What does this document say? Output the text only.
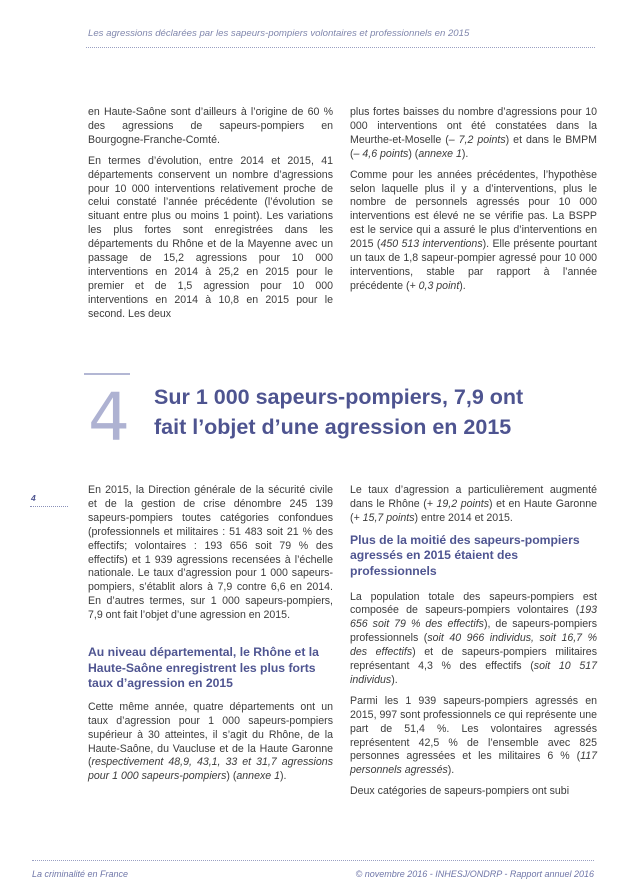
Les agressions déclarées par les sapeurs-pompiers volontaires et professionnels en 2015

en Haute-Saône sont d’ailleurs à l’origine de 60 % des agressions de sapeurs-pompiers en Bourgogne-Franche-Comté.

En termes d’évolution, entre 2014 et 2015, 41 départements conservent un nombre d’agressions pour 10 000 interventions relativement proche de celui constaté l’année précédente (l’évolution se situant entre plus ou moins 1 point). Les variations les plus fortes sont enregistrées dans les départements du Rhône et de la Mayenne avec un passage de 15,2 agressions pour 10 000 interventions en 2014 à 25,2 en 2015 pour le premier et de 1,5 agression pour 10 000 interventions en 2014 à 10,8 en 2015 pour le second. Les deux

plus fortes baisses du nombre d’agressions pour 10 000 interventions ont été constatées dans la Meurthe-et-Moselle (– 7,2 points) et dans le BMPM (– 4,6 points) (annexe 1).

Comme pour les années précédentes, l’hypothèse selon laquelle plus il y a d’interventions, plus le nombre de personnels agressés pour 10 000 interventions est élevé ne se vérifie pas. La BSPP est le service qui a assuré le plus d’interventions en 2015 (450 513 interventions). Elle présente pourtant un taux de 1,8 sapeur-pompier agressé pour 10 000 interventions, stable par rapport à l’année précédente (+ 0,3 point).

4 Sur 1 000 sapeurs-pompiers, 7,9 ont
fait l’objet d’une agression en 2015
4

En 2015, la Direction générale de la sécurité civile et de la gestion de crise dénombre 245 139 sapeurs-pompiers toutes catégories confondues (professionnels et militaires : 51 483 soit 21 % des effectifs; volontaires : 193 656 soit 79 % des effectifs) et 1 939 agressions recensées à l’échelle nationale. Le taux d’agression pour 1 000 sapeurs-pompiers, s’établit alors à 7,9 contre 6,6 en 2014. En d’autres termes, sur 1 000 sapeurs-pompiers, 7,9 ont fait l’objet d’une agression en 2015.

Au niveau départemental, le Rhône et la Haute-Saône enregistrent les plus forts taux d’agression en 2015

Cette même année, quatre départements ont un taux d’agression pour 1 000 sapeurs-pompiers supérieur à 30 atteintes, il s’agit du Rhône, de la Haute-Saône, du Vaucluse et de la Haute Garonne (respectivement 48,9, 43,1, 33 et 31,7 agressions pour 1 000 sapeurs-pompiers) (annexe 1).

Le taux d’agression a particulièrement augmenté dans le Rhône (+ 19,2 points) et en Haute Garonne (+ 15,7 points) entre 2014 et 2015.

Plus de la moitié des sapeurs-pompiers agressés en 2015 étaient des professionnels

La population totale des sapeurs-pompiers est composée de sapeurs-pompiers volontaires (193 656 soit 79 % des effectifs), de sapeurs-pompiers professionnels (soit 40 966 individus, soit 16,7 % des effectifs) et de sapeurs-pompiers militaires représentant 4,3 % des effectifs (soit 10 517 individus).

Parmi les 1 939 sapeurs-pompiers agressés en 2015, 997 sont professionnels ce qui représente une part de 51,4 %. Les volontaires agressés représentent 42,5 % de l’ensemble avec 825 personnes agressées et les militaires 6 % (117 personnels agressés).

Deux catégories de sapeurs-pompiers ont subi

La criminalité en France	© novembre 2016 - INHESJ/ONDRP - Rapport annuel 2016
